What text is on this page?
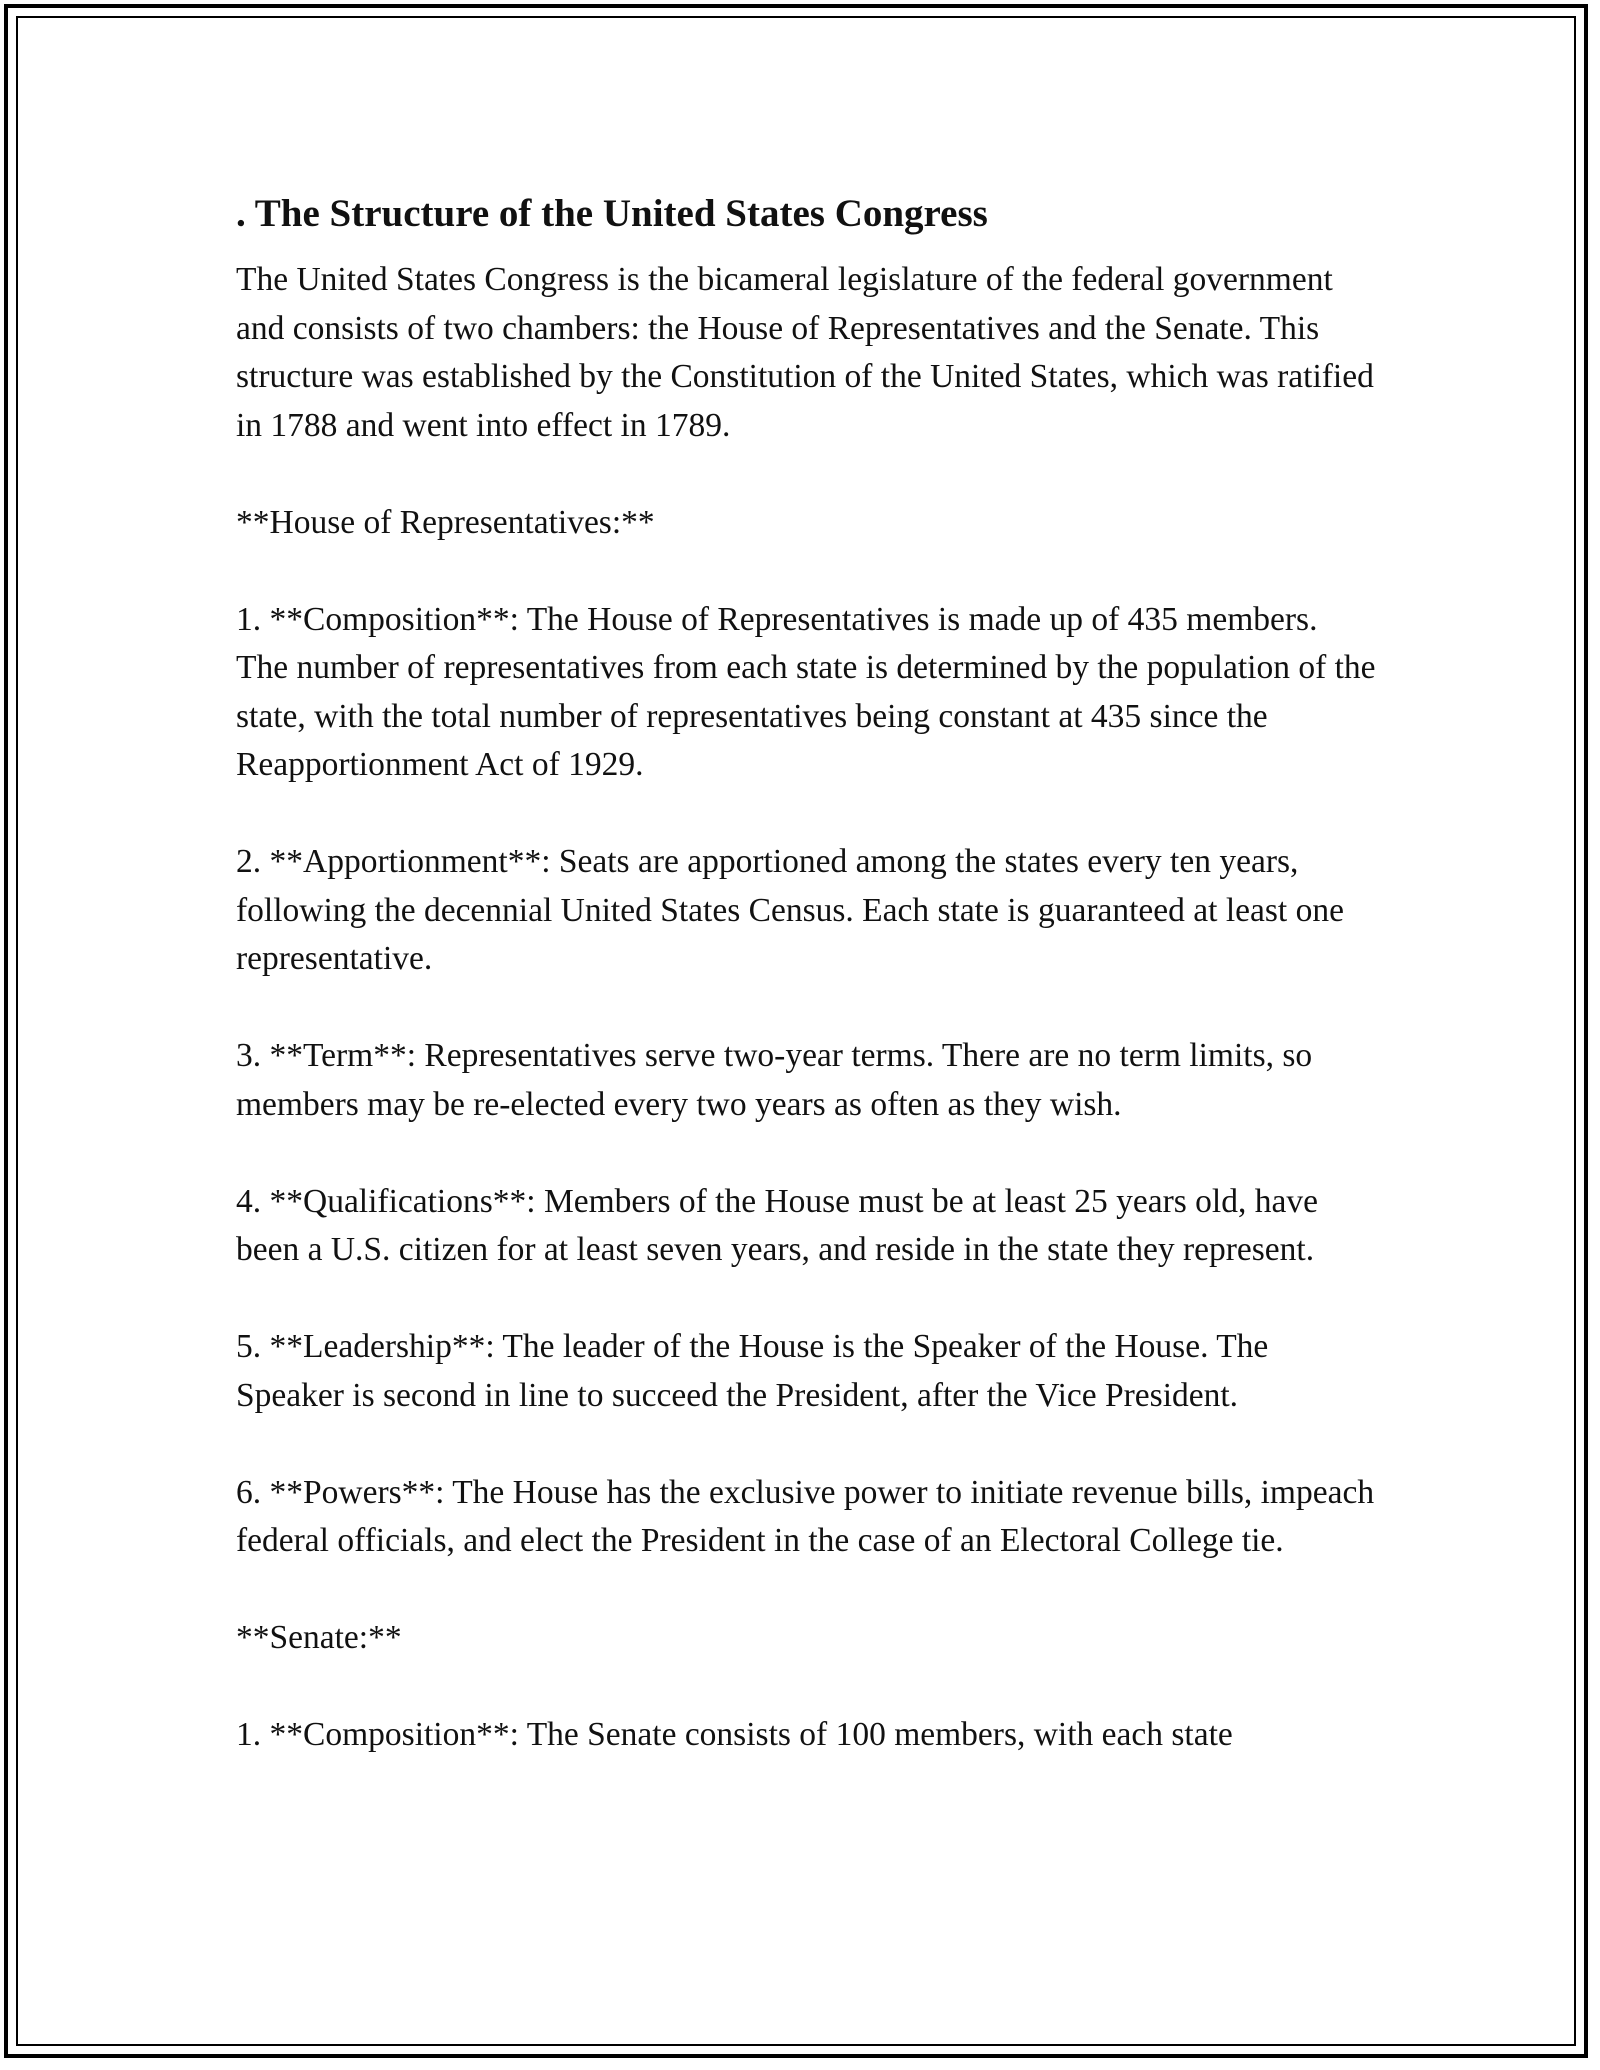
. The Structure of the United States Congress

The United States Congress is the bicameral legislature of the federal government and consists of two chambers: the House of Representatives and the Senate. This structure was established by the Constitution of the United States, which was ratified in 1788 and went into effect in 1789.

**House of Representatives:**

1. **Composition**: The House of Representatives is made up of 435 members. The number of representatives from each state is determined by the population of the state, with the total number of representatives being constant at 435 since the Reapportionment Act of 1929.

2. **Apportionment**: Seats are apportioned among the states every ten years, following the decennial United States Census. Each state is guaranteed at least one representative.

3. **Term**: Representatives serve two-year terms. There are no term limits, so members may be re-elected every two years as often as they wish.

4. **Qualifications**: Members of the House must be at least 25 years old, have been a U.S. citizen for at least seven years, and reside in the state they represent.

5. **Leadership**: The leader of the House is the Speaker of the House. The Speaker is second in line to succeed the President, after the Vice President.

6. **Powers**: The House has the exclusive power to initiate revenue bills, impeach federal officials, and elect the President in the case of an Electoral College tie.

**Senate:**

1. **Composition**: The Senate consists of 100 members, with each state
